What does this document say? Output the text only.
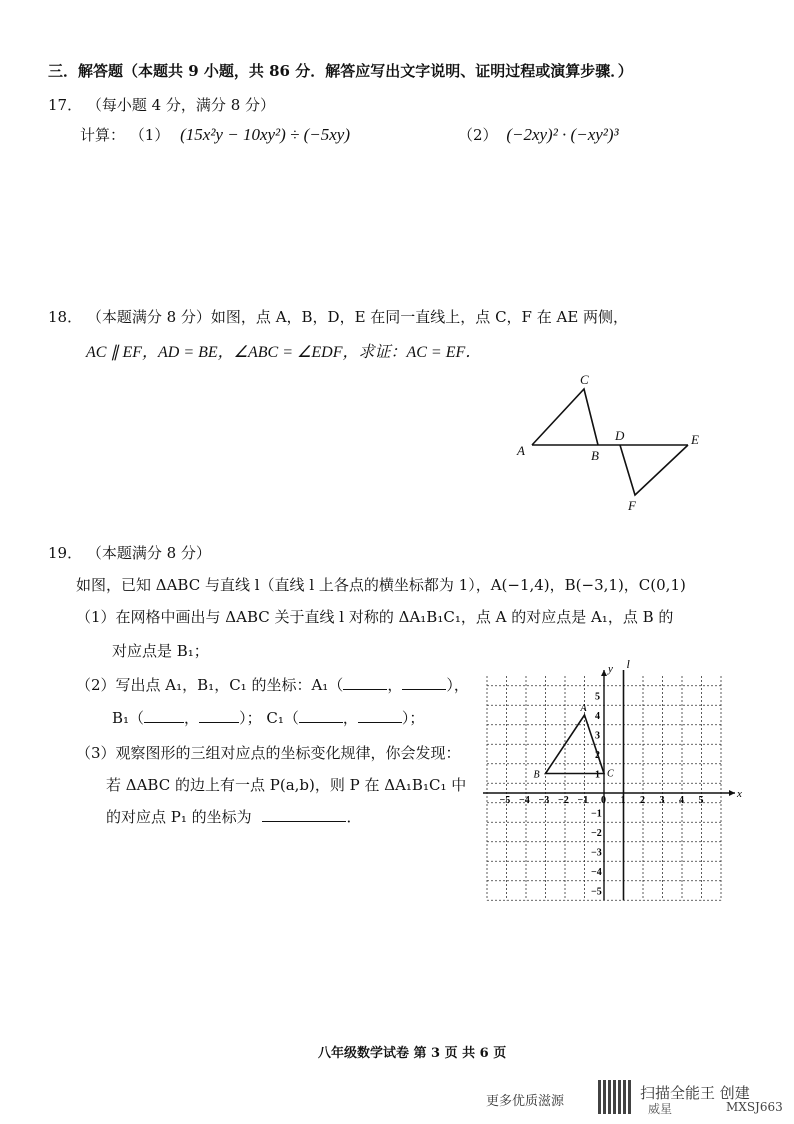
三．解答题（本题共 9 小题，共 86 分．解答应写出文字说明、证明过程或演算步骤．）
17． （每小题 4 分，满分 8 分）
计算： （1） (15x²y − 10xy²) ÷ (−5xy)	（2） (−2xy)² · (−xy²)³
18． （本题满分 8 分）如图，点 A，B，D，E 在同一直线上，点 C，F 在 AE 两侧，
AC ∥ EF，AD = BE，∠ABC = ∠EDF，求证：AC = EF．
C
A	B
D	E
F
19． （本题满分 8 分）
如图，已知 ΔABC 与直线 l（直线 l 上各点的横坐标都为 1），A(−1,4)，B(−3,1)，C(0,1)
（1）在网格中画出与 ΔABC 关于直线 l 对称的 ΔA₁B₁C₁，点 A 的对应点是 A₁，点 B 的
对应点是 B₁；
（2）写出点 A₁，B₁，C₁ 的坐标：A₁（	，	），
B₁（	，	）； C₁（	，	）；
（3）观察图形的三组对应点的坐标变化规律，你会发现：
若 ΔABC 的边上有一点 P(a,b)，则 P 在 ΔA₁B₁C₁ 中
的对应点 P₁ 的坐标为	．
l
x
y
−5 −4 −3 −2 −1 0 1 2 3 4 5
5
4
3
2
1
−1
−2
−3
−4
−5
A
B	C
八年级数学试卷 第 3 页 共 6 页
更多优质滋源	扫描全能王 创建
威星	MXSJ663
